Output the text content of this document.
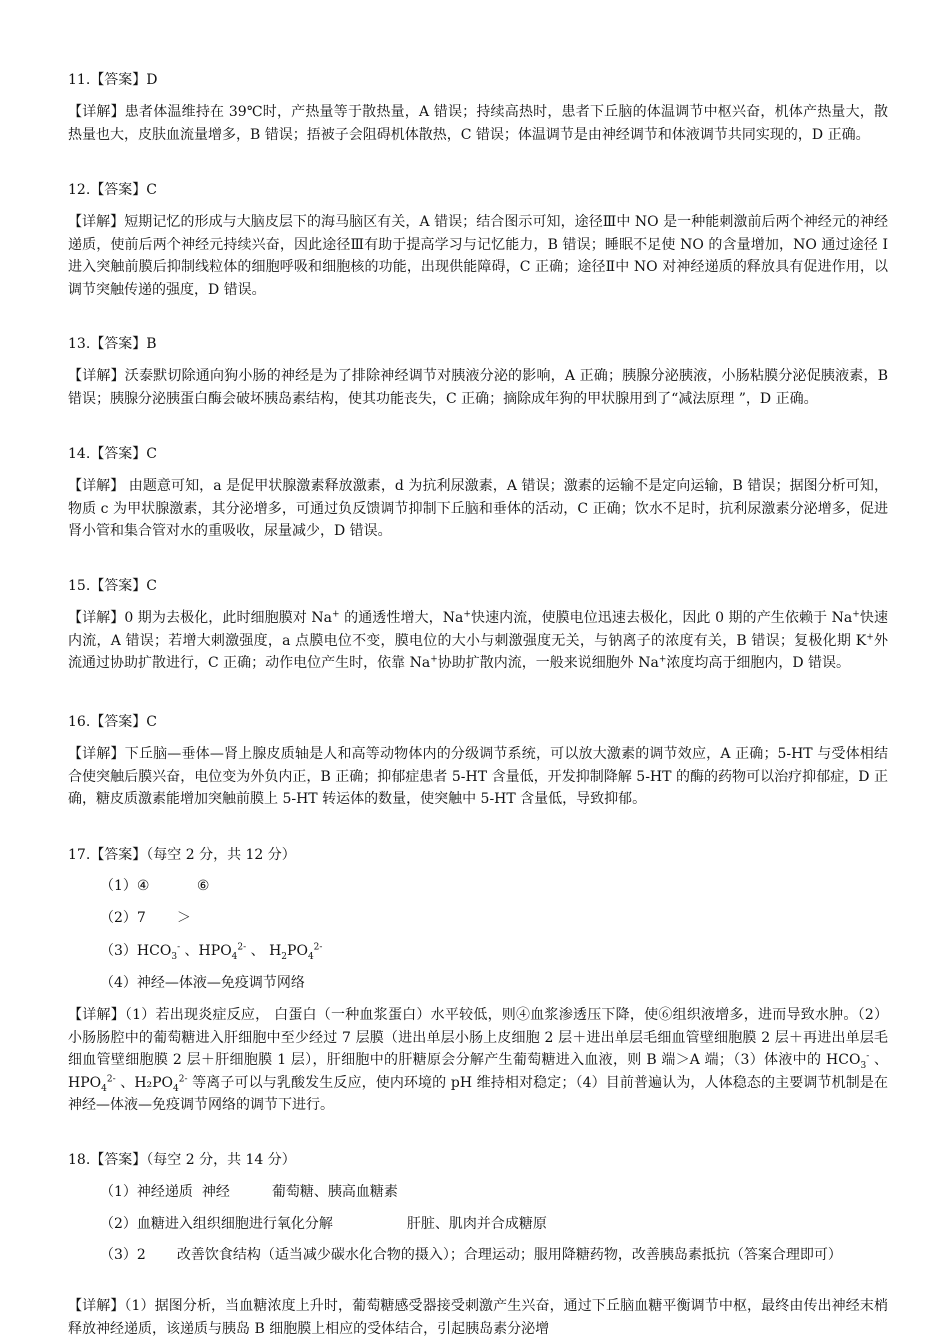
11.【答案】D
【详解】患者体温维持在 39℃时，产热量等于散热量，A 错误；持续高热时，患者下丘脑的体温调节中枢兴奋，机体产热量大，散热量也大，皮肤血流量增多，B 错误；捂被子会阻碍机体散热，C 错误；体温调节是由神经调节和体液调节共同实现的，D 正确。
12.【答案】C
【详解】短期记忆的形成与大脑皮层下的海马脑区有关，A 错误；结合图示可知，途径Ⅲ中 NO 是一种能刺激前后两个神经元的神经递质，使前后两个神经元持续兴奋，因此途径Ⅲ有助于提高学习与记忆能力，B 错误；睡眠不足使 NO 的含量增加，NO 通过途径 I 进入突触前膜后抑制线粒体的细胞呼吸和细胞核的功能，出现供能障碍，C 正确；途径Ⅱ中 NO 对神经递质的释放具有促进作用，以调节突触传递的强度，D 错误。
13.【答案】B
【详解】沃泰默切除通向狗小肠的神经是为了排除神经调节对胰液分泌的影响，A 正确；胰腺分泌胰液，小肠粘膜分泌促胰液素，B 错误；胰腺分泌胰蛋白酶会破坏胰岛素结构，使其功能丧失，C 正确；摘除成年狗的甲状腺用到了“减法原理 ”，D 正确。
14.【答案】C
【详解】 由题意可知，a 是促甲状腺激素释放激素，d 为抗利尿激素，A 错误；激素的运输不是定向运输，B 错误；据图分析可知，物质 c 为甲状腺激素，其分泌增多，可通过负反馈调节抑制下丘脑和垂体的活动，C 正确；饮水不足时，抗利尿激素分泌增多，促进肾小管和集合管对水的重吸收，尿量减少，D 错误。
15.【答案】C
【详解】0 期为去极化，此时细胞膜对 Na+ 的通透性增大，Na+快速内流，使膜电位迅速去极化，因此 0 期的产生依赖于 Na+快速内流，A 错误；若增大刺激强度，a 点膜电位不变，膜电位的大小与刺激强度无关，与钠离子的浓度有关，B 错误；复极化期 K+外流通过协助扩散进行，C 正确；动作电位产生时，依靠 Na+协助扩散内流，一般来说细胞外 Na+浓度均高于细胞内，D 错误。
16.【答案】C
【详解】下丘脑—垂体—肾上腺皮质轴是人和高等动物体内的分级调节系统，可以放大激素的调节效应，A 正确；5-HT 与受体相结合使突触后膜兴奋，电位变为外负内正，B 正确；抑郁症患者 5-HT 含量低，开发抑制降解 5-HT 的酶的药物可以治疗抑郁症，D 正确，糖皮质激素能增加突触前膜上 5-HT 转运体的数量，使突触中 5-HT 含量低，导致抑郁。
17.【答案】（每空 2 分，共 12 分）
（1）④	⑥
（2）7 ＞
$(3)HCO_3^-$ 、$HPO_4^{2-}$ 、 $H_2PO_4^{2-}$
（4）神经—体液—免疫调节网络
【详解】（1）若出现炎症反应， 白蛋白（一种血浆蛋白）水平较低，则④血浆渗透压下降，使⑥组织液增多，进而导致水肿。（2）小肠肠腔中的葡萄糖进入肝细胞中至少经过 7 层膜（进出单层小肠上皮细胞 2 层＋进出单层毛细血管壁细胞膜 2 层＋再进出单层毛细血管壁细胞膜 2 层＋肝细胞膜 1 层），肝细胞中的肝糖原会分解产生葡萄糖进入血液，则 B 端＞A 端；（3）体液中的 $HCO_3^-$ 、$HPO_4^{2-}$ 、$H_2PO_4^{2-}$ 等离子可以与乳酸发生反应，使内环境的 pH 维持相对稳定；（4）目前普遍认为，人体稳态的主要调节机制是在神经—体液—免疫调节网络的调节下进行。
18.【答案】（每空 2 分，共 14 分）
（1）神经递质 神经	葡萄糖、胰高血糖素
（2）血糖进入组织细胞进行氧化分解	肝脏、肌肉并合成糖原
（3）2 改善饮食结构（适当减少碳水化合物的摄入）；合理运动；服用降糖药物，改善胰岛素抵抗（答案合理即可）
【详解】（1）据图分析，当血糖浓度上升时，葡萄糖感受器接受刺激产生兴奋，通过下丘脑血糖平衡调节中枢，最终由传出神经末梢释放神经递质，该递质与胰岛 B 细胞膜上相应的受体结合，引起胰岛素分泌增
